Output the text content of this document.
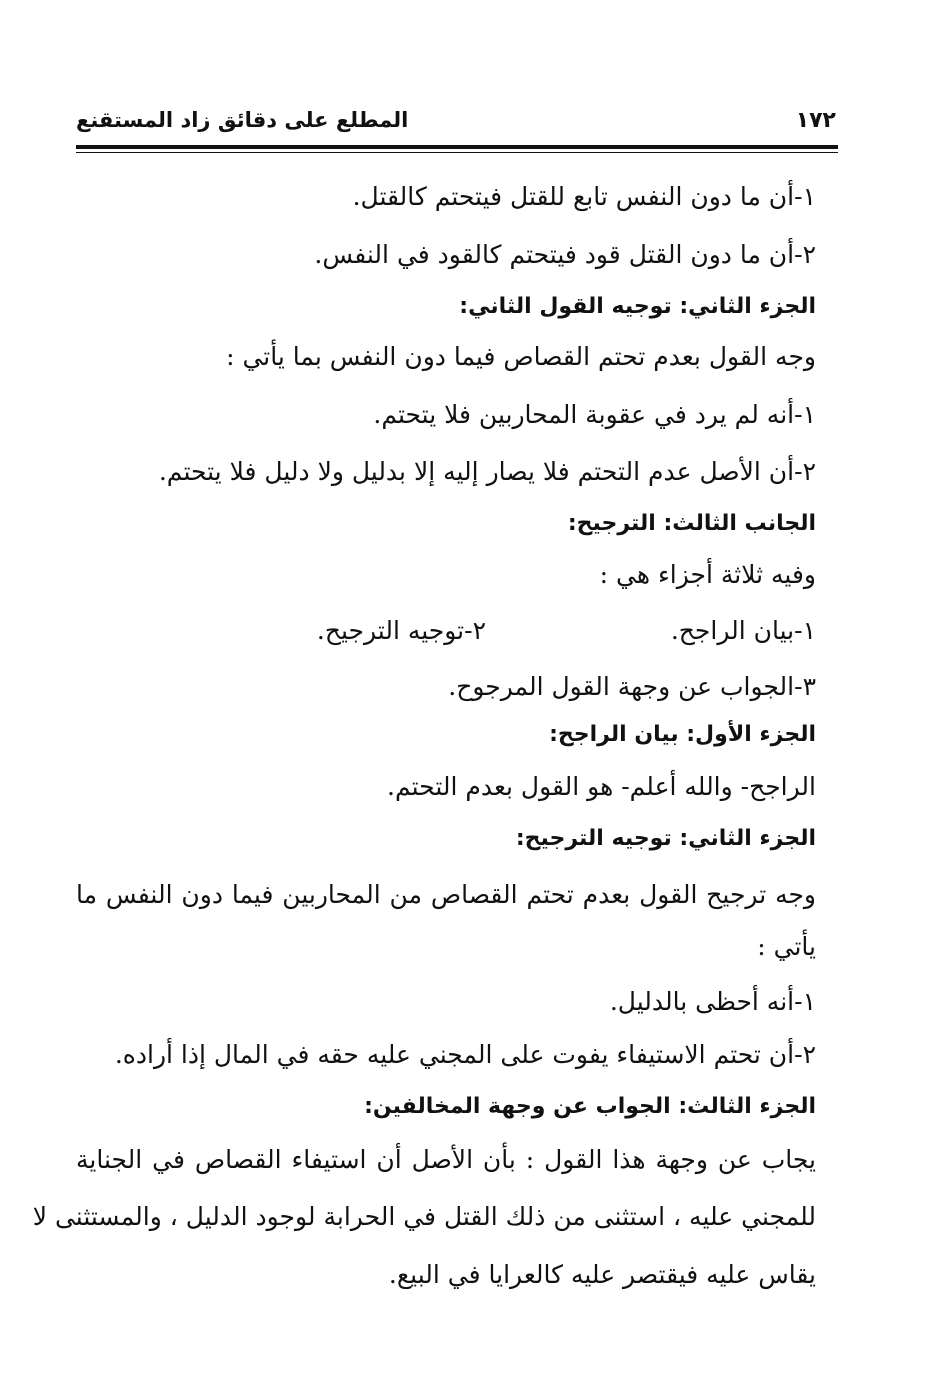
١٧٢
المطلع على دقائق زاد المستقنع
١-أن ما دون النفس تابع للقتل فيتحتم كالقتل.
٢-أن ما دون القتل قود فيتحتم كالقود في النفس.
الجزء الثاني: توجيه القول الثاني:
وجه القول بعدم تحتم القصاص فيما دون النفس بما يأتي :
١-أنه لم يرد في عقوبة المحاربين فلا يتحتم.
٢-أن الأصل عدم التحتم فلا يصار إليه إلا بدليل ولا دليل فلا يتحتم.
الجانب الثالث: الترجيح:
وفيه ثلاثة أجزاء هي :
١-بيان الراجح.
٢-توجيه الترجيح.
٣-الجواب عن وجهة القول المرجوح.
الجزء الأول: بيان الراجح:
الراجح- والله أعلم- هو القول بعدم التحتم.
الجزء الثاني: توجيه الترجيح:
وجه ترجيح القول بعدم تحتم القصاص من المحاربين فيما دون النفس ما
يأتي :
١-أنه أحظى بالدليل.
٢-أن تحتم الاستيفاء يفوت على المجني عليه حقه في المال إذا أراده.
الجزء الثالث: الجواب عن وجهة المخالفين:
يجاب عن وجهة هذا القول : بأن الأصل أن استيفاء القصاص في الجناية
للمجني عليه ، استثنى من ذلك القتل في الحرابة لوجود الدليل ، والمستثنى لا
يقاس عليه فيقتصر عليه كالعرايا في البيع.
